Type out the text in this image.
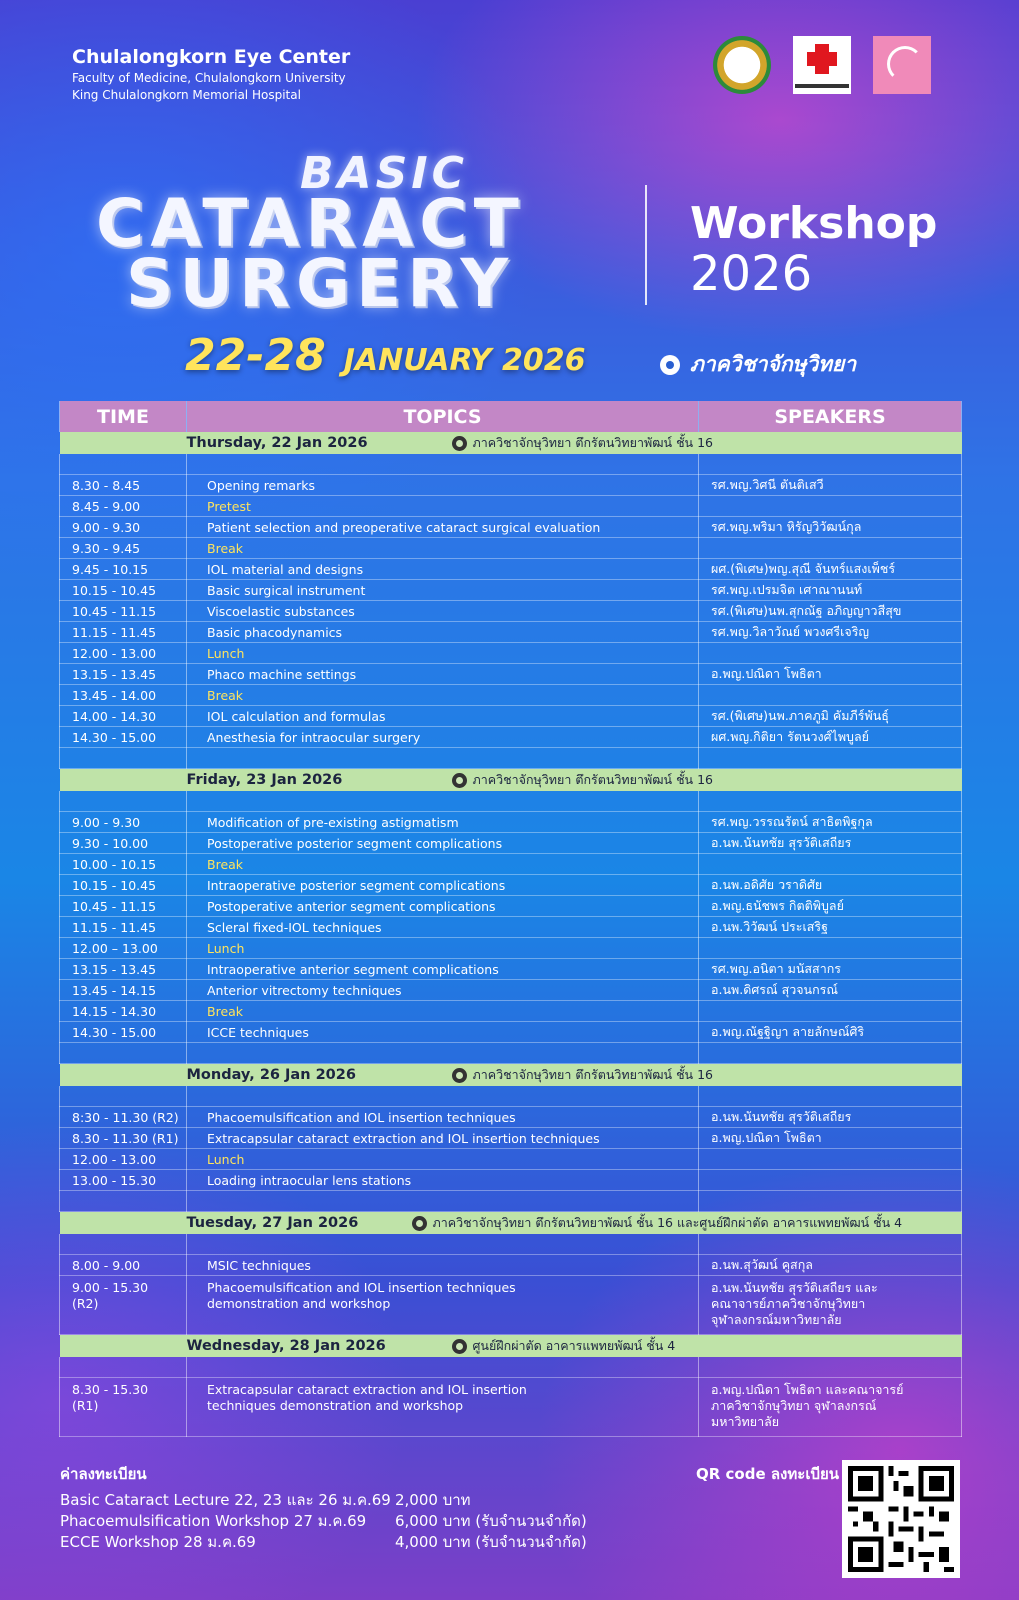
Chulalongkorn Eye Center
Faculty of Medicine, Chulalongkorn University
King Chulalongkorn Memorial Hospital
BASIC
CATARACT
SURGERY
Workshop
2026
22-28 JANUARY 2026	ภาควิชาจักษุวิทยา
TIME	TOPICS	SPEAKERS

Thursday, 22 Jan 2026 ภาควิชาจักษุวิทยา ตึกรัตนวิทยาพัฒน์ ชั้น 16		

8.30 - 8.45	Opening remarks	รศ.พญ.วิศนี ตันติเสวี
8.45 - 9.00	Pretest	
9.00 - 9.30	Patient selection and preoperative cataract surgical evaluation	รศ.พญ.พริมา หิรัญวิวัฒน์กุล
9.30 - 9.45	Break	
9.45 - 10.15	IOL material and designs	ผศ.(พิเศษ)พญ.สุณี จันทร์แสงเพ็ชร์
10.15 - 10.45	Basic surgical instrument	รศ.พญ.เปรมจิต เศาณานนท์
10.45 - 11.15	Viscoelastic substances	รศ.(พิเศษ)นพ.สุกณัฐ อภิญญาวสีสุข
11.15 - 11.45	Basic phacodynamics	รศ.พญ.วิลาวัณย์ พวงศรีเจริญ
12.00 - 13.00	Lunch	
13.15 - 13.45	Phaco machine settings	อ.พญ.ปณิดา โพธิตา
13.45 - 14.00	Break	
14.00 - 14.30	IOL calculation and formulas	รศ.(พิเศษ)นพ.ภาคภูมิ คัมภีร์พันธุ์
14.30 - 15.00	Anesthesia for intraocular surgery	ผศ.พญ.กิติยา รัตนวงศ์ไพบูลย์

Friday, 23 Jan 2026 ภาควิชาจักษุวิทยา ตึกรัตนวิทยาพัฒน์ ชั้น 16		

9.00 - 9.30	Modification of pre-existing astigmatism	รศ.พญ.วรรณรัตน์ สาธิตพิฐกุล
9.30 - 10.00	Postoperative posterior segment complications	อ.นพ.นันทชัย สุรวัติเสถียร
10.00 - 10.15	Break	
10.15 - 10.45	Intraoperative posterior segment complications	อ.นพ.อดิศัย วราดิศัย
10.45 - 11.15	Postoperative anterior segment complications	อ.พญ.ธนัชพร กิตติพิบูลย์
11.15 - 11.45	Scleral fixed-IOL techniques	อ.นพ.วิวัฒน์ ประเสริฐ
12.00 – 13.00	Lunch	
13.15 - 13.45	Intraoperative anterior segment complications	รศ.พญ.อนิตา มนัสสากร
13.45 - 14.15	Anterior vitrectomy techniques	อ.นพ.ดิศรณ์ สุวจนกรณ์
14.15 - 14.30	Break	
14.30 - 15.00	ICCE techniques	อ.พญ.ณัฐฐิญา ลายลักษณ์ศิริ

Monday, 26 Jan 2026 ภาควิชาจักษุวิทยา ตึกรัตนวิทยาพัฒน์ ชั้น 16		

8:30 - 11.30 (R2)	Phacoemulsification and IOL insertion techniques	อ.นพ.นันทชัย สุรวัติเสถียร
8.30 - 11.30 (R1)	Extracapsular cataract extraction and IOL insertion techniques	อ.พญ.ปณิดา โพธิตา
12.00 - 13.00	Lunch	
13.00 - 15.30	Loading intraocular lens stations	

Tuesday, 27 Jan 2026 ภาควิชาจักษุวิทยา ตึกรัตนวิทยาพัฒน์ ชั้น 16 และศูนย์ฝึกผ่าตัด อาคารแพทยพัฒน์ ชั้น 4		

8.00 - 9.00	MSIC techniques	อ.นพ.สุวัฒน์ คูสกุล
9.00 - 15.30 (R2)	Phacoemulsification and IOL insertion techniques demonstration and workshop	อ.นพ.นันทชัย สุรวัติเสถียร และคณาจารย์ภาควิชาจักษุวิทยา จุฬาลงกรณ์มหาวิทยาลัย

Wednesday, 28 Jan 2026 ศูนย์ฝึกผ่าตัด อาคารแพทยพัฒน์ ชั้น 4		

8.30 - 15.30 (R1)	Extracapsular cataract extraction and IOL insertion techniques demonstration and workshop	อ.พญ.ปณิดา โพธิตา และคณาจารย์ภาควิชาจักษุวิทยา จุฬาลงกรณ์มหาวิทยาลัย
ค่าลงทะเบียน
Basic Cataract Lecture 22, 23 และ 26 ม.ค.69 2,000 บาท
Phacoemulsification Workshop 27 ม.ค.69	6,000 บาท (รับจำนวนจำกัด)
ECCE Workshop 28 ม.ค.69	4,000 บาท (รับจำนวนจำกัด)
QR code ลงทะเบียน
